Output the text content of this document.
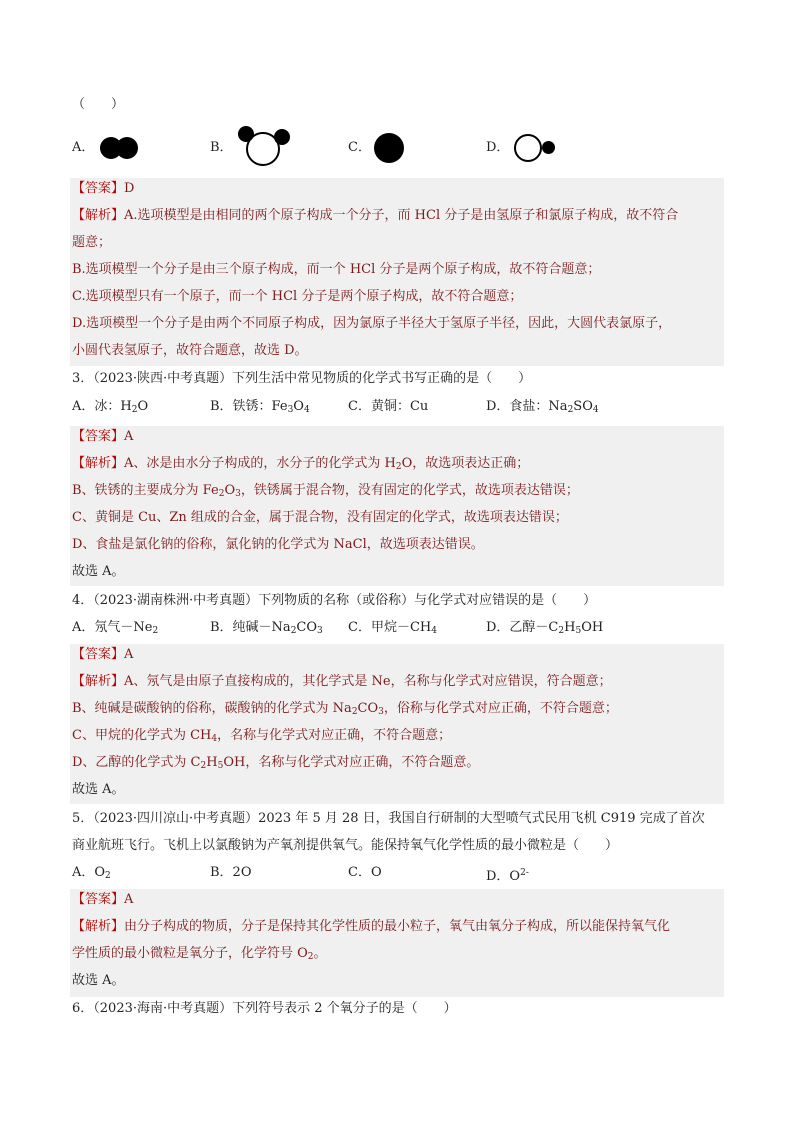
（　　）
A．	B．	C．	D．
【答案】D
【解析】A.选项模型是由相同的两个原子构成一个分子，而 HCl 分子是由氢原子和氯原子构成，故不符合
题意；
B.选项模型一个分子是由三个原子构成，而一个 HCl 分子是两个原子构成，故不符合题意；
C.选项模型只有一个原子，而一个 HCl 分子是两个原子构成，故不符合题意；
D.选项模型一个分子是由两个不同原子构成，因为氯原子半径大于氢原子半径，因此，大圆代表氯原子，
小圆代表氢原子，故符合题意，故选 D。
3．（2023·陕西·中考真题）下列生活中常见物质的化学式书写正确的是（　　）
A．冰：$H_2O$	B．铁锈：$Fe_3O_4$	C．黄铜：Cu	D．食盐：$Na_2SO_4$
【答案】A
【解析】A、冰是由水分子构成的，水分子的化学式为 $H_2O$，故选项表达正确；
B、铁锈的主要成分为 $Fe_2O_3$，铁锈属于混合物，没有固定的化学式，故选项表达错误；
C、黄铜是 Cu、Zn 组成的合金，属于混合物，没有固定的化学式，故选项表达错误；
D、食盐是氯化钠的俗称，氯化钠的化学式为 NaCl，故选项表达错误。
故选 A。
4．（2023·湖南株洲·中考真题）下列物质的名称（或俗称）与化学式对应错误的是（　　）
A．氖气$-Ne_2$	B．纯碱$-Na_2CO_3$ C．甲烷$-CH_4$	D．乙醇$-C_2H_5OH$
【答案】A
【解析】A、氖气是由原子直接构成的，其化学式是 Ne，名称与化学式对应错误，符合题意；
B、纯碱是碳酸钠的俗称，碳酸钠的化学式为 $Na_2CO_3$，俗称与化学式对应正确，不符合题意；
C、甲烷的化学式为 $CH_4$，名称与化学式对应正确，不符合题意；
D、乙醇的化学式为 $C_2H_5OH$，名称与化学式对应正确，不符合题意。
故选 A。
5．（2023·四川凉山·中考真题）2023 年 5 月 28 日，我国自行研制的大型喷气式民用飞机 C919 完成了首次
商业航班飞行。飞机上以氯酸钠为产氧剂提供氧气。能保持氧气化学性质的最小微粒是（　　）
A．$O_2$	B．2O	C．O	D．$O^{2-}$
【答案】A
【解析】由分子构成的物质，分子是保持其化学性质的最小粒子，氧气由氧分子构成，所以能保持氧气化
学性质的最小微粒是氧分子，化学符号 $O_2$。
故选 A。
6．（2023·海南·中考真题）下列符号表示 2 个氧分子的是（　　）
